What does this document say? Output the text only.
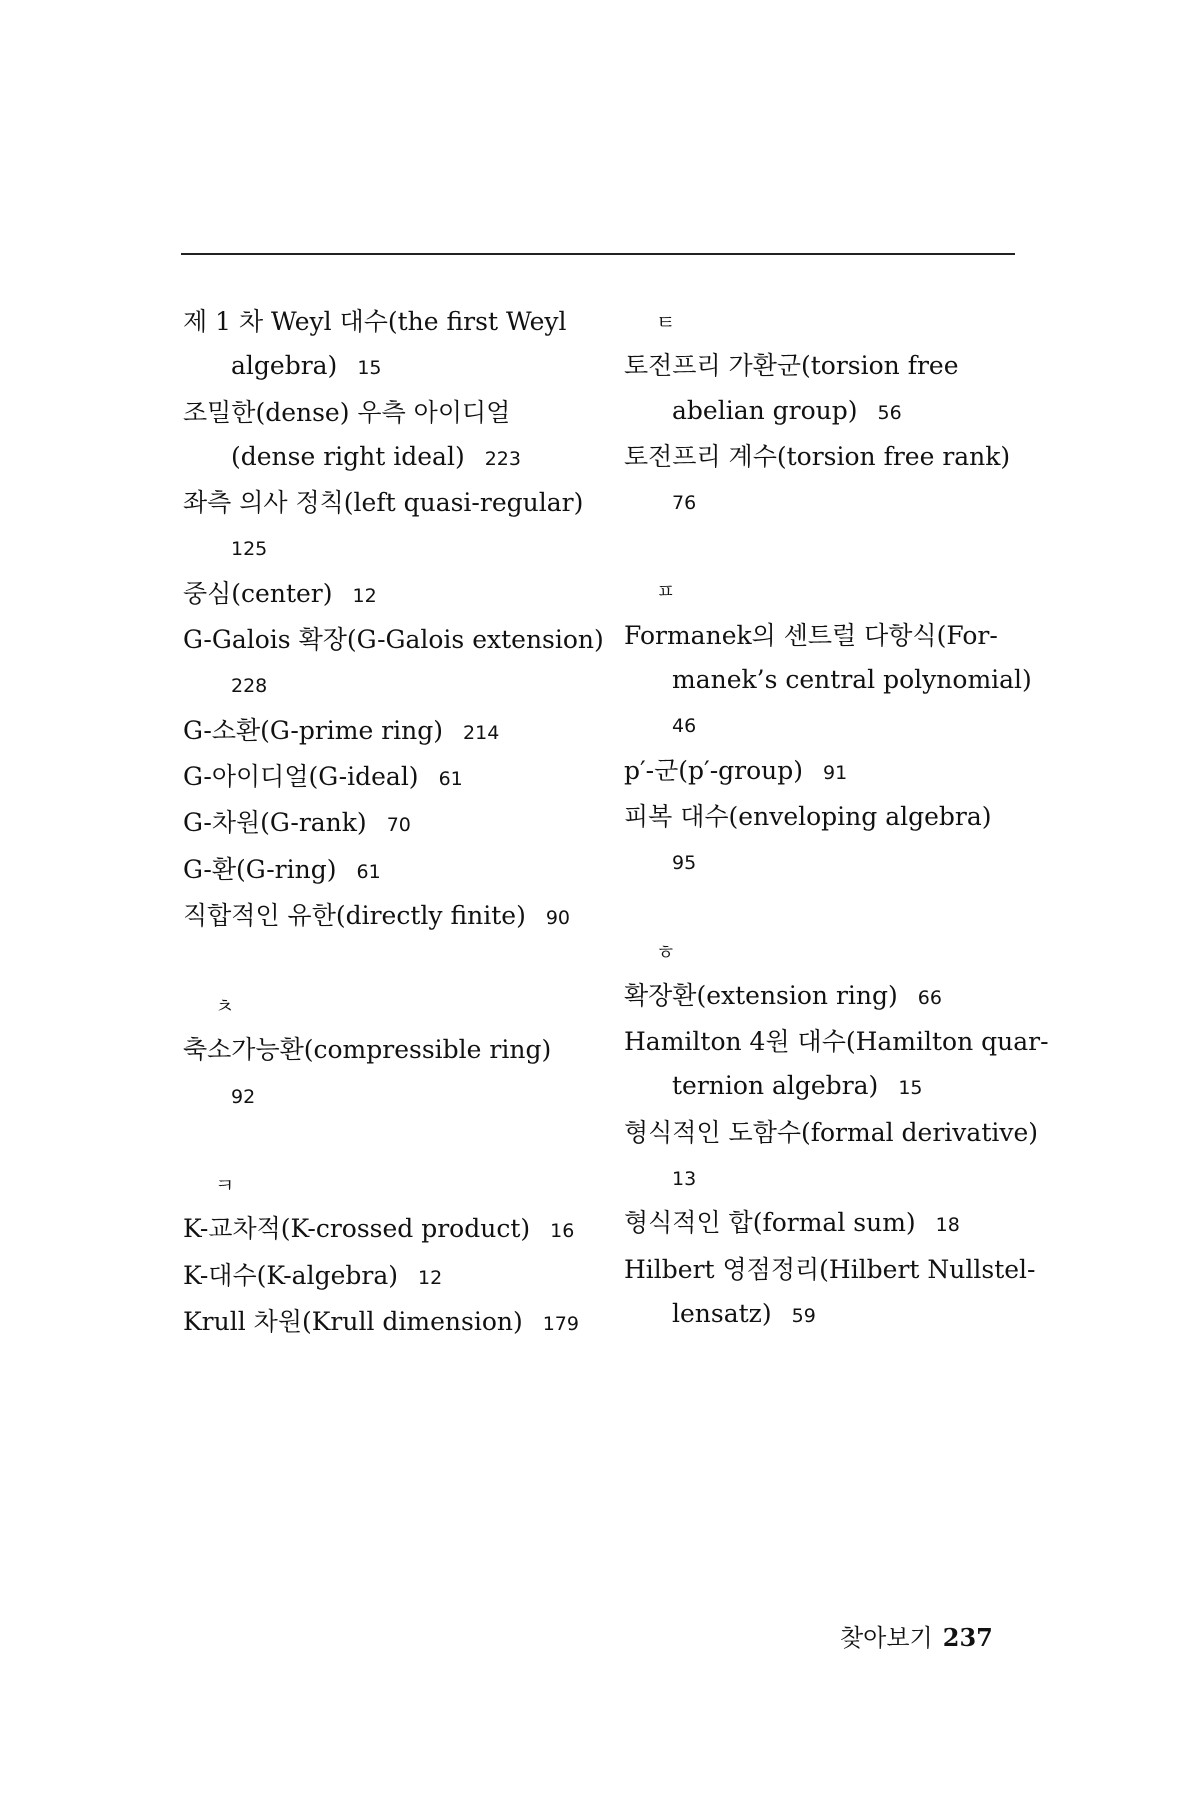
제 1 차 Weyl 대수(the first Weyl
algebra) 15
조밀한(dense) 우측 아이디얼
(dense right ideal) 223
좌측 의사 정칙(left quasi-regular)
125
중심(center) 12
G-Galois 확장(G-Galois extension)
228
G-소환(G-prime ring) 214
G-아이디얼(G-ideal) 61
G-차원(G-rank) 70
G-환(G-ring) 61
직합적인 유한(directly finite) 90
ㅊ
축소가능환(compressible ring)
92
ㅋ
K-교차적(K-crossed product) 16
K-대수(K-algebra) 12
Krull 차원(Krull dimension) 179
ㅌ
토전프리 가환군(torsion free
abelian group) 56
토전프리 계수(torsion free rank)
76
ㅍ
Formanek의 센트럴 다항식(For-
manek’s central polynomial)
46
p′-군(p′-group) 91
피복 대수(enveloping algebra)
95
ㅎ
확장환(extension ring) 66
Hamilton 4원 대수(Hamilton quar-
ternion algebra) 15
형식적인 도함수(formal derivative)
13
형식적인 합(formal sum) 18
Hilbert 영점정리(Hilbert Nullstel-
lensatz) 59
찾아보기 237
